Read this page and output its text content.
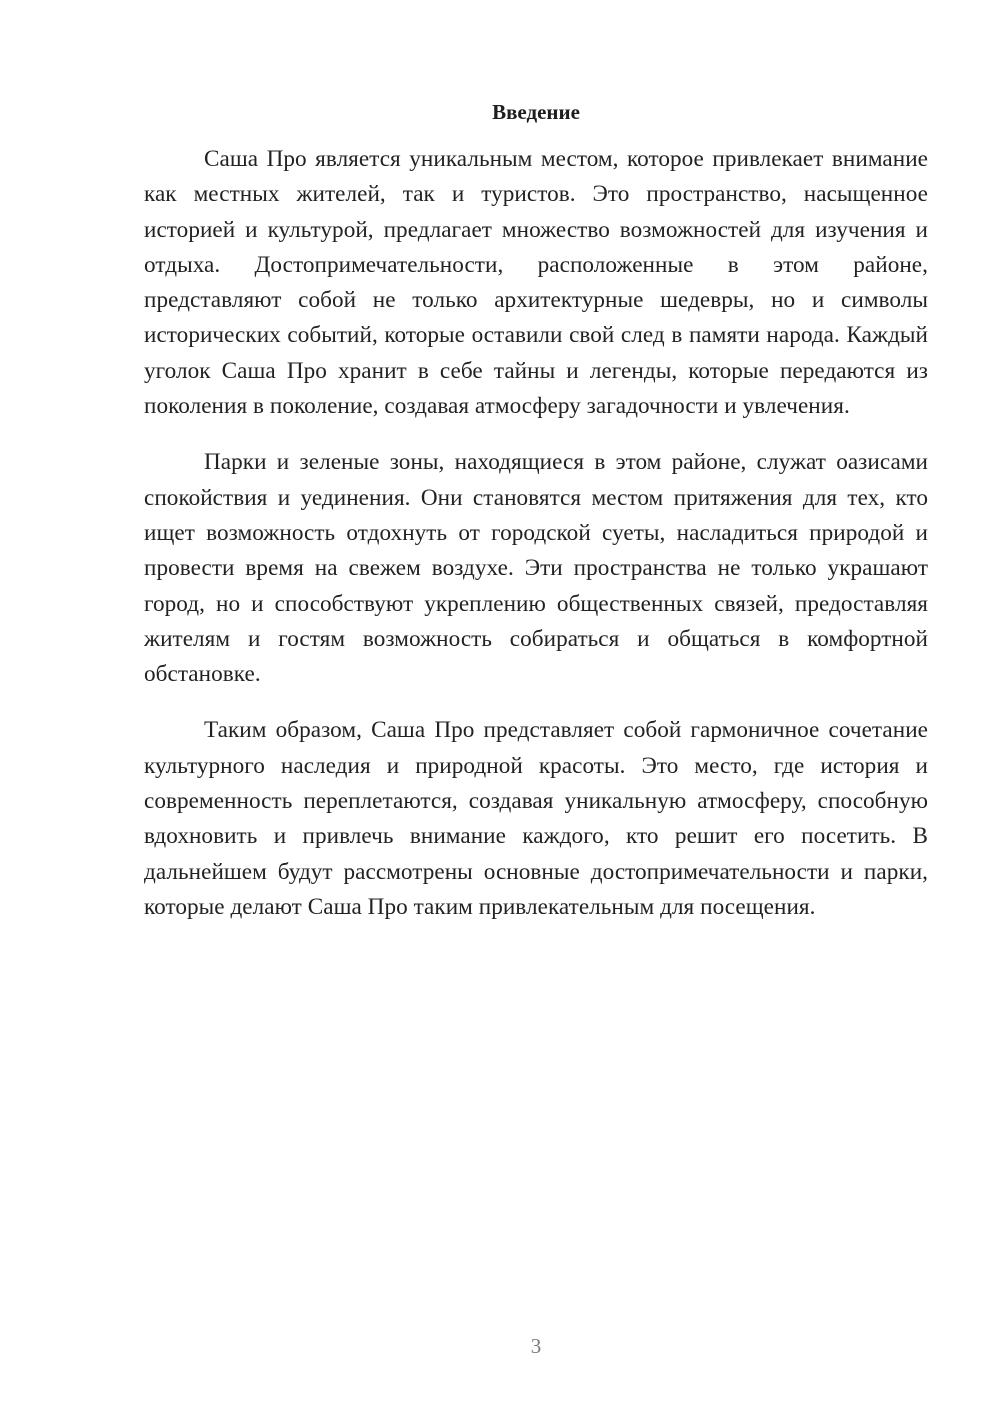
Введение

Саша Про является уникальным местом, которое привлекает внимание как местных жителей, так и туристов. Это пространство, насыщенное историей и культурой, предлагает множество возможностей для изучения и отдыха. Достопримечательности, расположенные в этом районе, представляют собой не только архитектурные шедевры, но и символы исторических событий, которые оставили свой след в памяти народа. Каждый уголок Саша Про хранит в себе тайны и легенды, которые передаются из поколения в поколение, создавая атмосферу загадочности и увлечения.

Парки и зеленые зоны, находящиеся в этом районе, служат оазисами спокойствия и уединения. Они становятся местом притяжения для тех, кто ищет возможность отдохнуть от городской суеты, насладиться природой и провести время на свежем воздухе. Эти пространства не только украшают город, но и способствуют укреплению общественных связей, предоставляя жителям и гостям возможность собираться и общаться в комфортной обстановке.

Таким образом, Саша Про представляет собой гармоничное сочетание культурного наследия и природной красоты. Это место, где история и современность переплетаются, создавая уникальную атмосферу, способную вдохновить и привлечь внимание каждого, кто решит его посетить. В дальнейшем будут рассмотрены основные достопримечательности и парки, которые делают Саша Про таким привлекательным для посещения.

3
